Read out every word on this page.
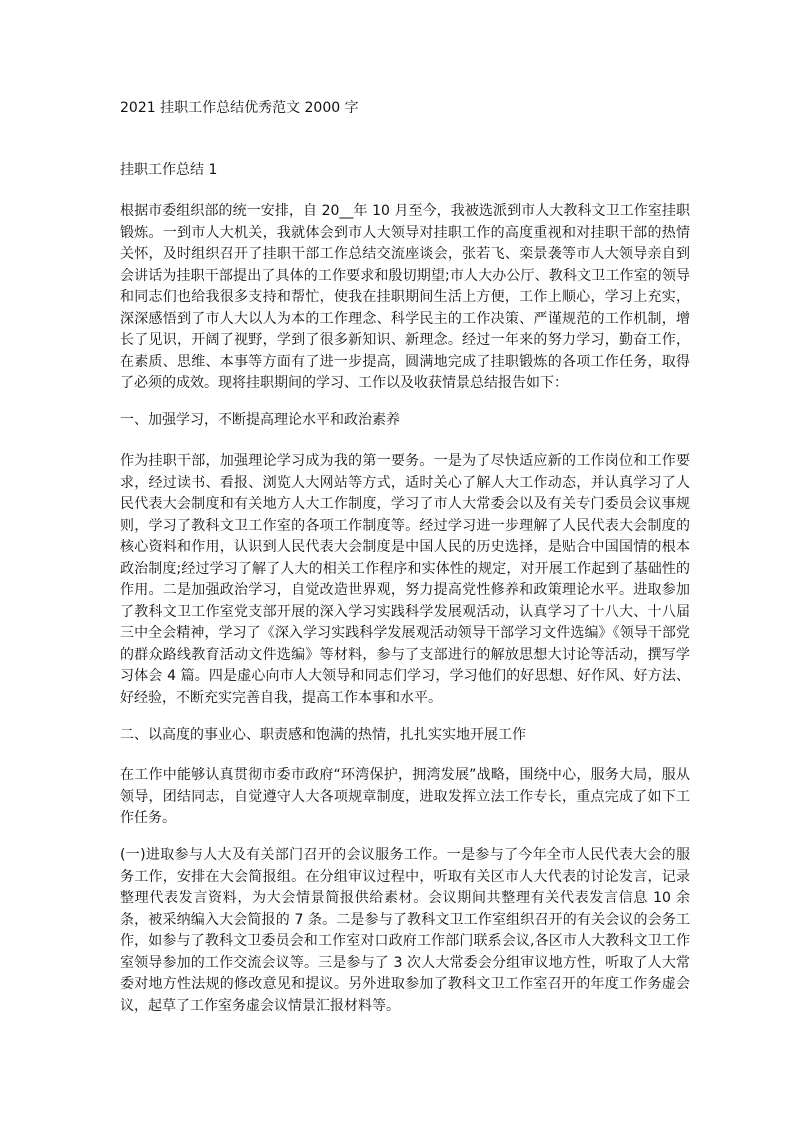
2021 挂职工作总结优秀范文 2000 字

挂职工作总结 1

根据市委组织部的统一安排，自 20__年 10 月至今，我被选派到市人大教科文卫工作室挂职锻炼。一到市人大机关，我就体会到市人大领导对挂职工作的高度重视和对挂职干部的热情关怀，及时组织召开了挂职干部工作总结交流座谈会，张若飞、栾景袭等市人大领导亲自到会讲话为挂职干部提出了具体的工作要求和殷切期望;市人大办公厅、教科文卫工作室的领导和同志们也给我很多支持和帮忙，使我在挂职期间生活上方便，工作上顺心，学习上充实，深深感悟到了市人大以人为本的工作理念、科学民主的工作决策、严谨规范的工作机制，增长了见识，开阔了视野，学到了很多新知识、新理念。经过一年来的努力学习，勤奋工作，在素质、思维、本事等方面有了进一步提高，圆满地完成了挂职锻炼的各项工作任务，取得了必须的成效。现将挂职期间的学习、工作以及收获情景总结报告如下：

一、加强学习，不断提高理论水平和政治素养

作为挂职干部，加强理论学习成为我的第一要务。一是为了尽快适应新的工作岗位和工作要求，经过读书、看报、浏览人大网站等方式，适时关心了解人大工作动态，并认真学习了人民代表大会制度和有关地方人大工作制度，学习了市人大常委会以及有关专门委员会议事规则，学习了教科文卫工作室的各项工作制度等。经过学习进一步理解了人民代表大会制度的核心资料和作用，认识到人民代表大会制度是中国人民的历史选择，是贴合中国国情的根本政治制度;经过学习了解了人大的相关工作程序和实体性的规定，对开展工作起到了基础性的作用。二是加强政治学习，自觉改造世界观，努力提高党性修养和政策理论水平。进取参加了教科文卫工作室党支部开展的深入学习实践科学发展观活动，认真学习了十八大、十八届三中全会精神，学习了《深入学习实践科学发展观活动领导干部学习文件选编》《领导干部党的群众路线教育活动文件选编》等材料，参与了支部进行的解放思想大讨论等活动，撰写学习体会 4 篇。四是虚心向市人大领导和同志们学习，学习他们的好思想、好作风、好方法、好经验，不断充实完善自我，提高工作本事和水平。

二、以高度的事业心、职责感和饱满的热情，扎扎实实地开展工作

在工作中能够认真贯彻市委市政府“环湾保护，拥湾发展”战略，围绕中心，服务大局，服从领导，团结同志，自觉遵守人大各项规章制度，进取发挥立法工作专长，重点完成了如下工作任务。

(一)进取参与人大及有关部门召开的会议服务工作。一是参与了今年全市人民代表大会的服务工作，安排在大会简报组。在分组审议过程中，听取有关区市人大代表的讨论发言，记录整理代表发言资料，为大会情景简报供给素材。会议期间共整理有关代表发言信息 10 余条，被采纳编入大会简报的 7 条。二是参与了教科文卫工作室组织召开的有关会议的会务工作，如参与了教科文卫委员会和工作室对口政府工作部门联系会议,各区市人大教科文卫工作室领导参加的工作交流会议等。三是参与了 3 次人大常委会分组审议地方性，听取了人大常委对地方性法规的修改意见和提议。另外进取参加了教科文卫工作室召开的年度工作务虚会议，起草了工作室务虚会议情景汇报材料等。
